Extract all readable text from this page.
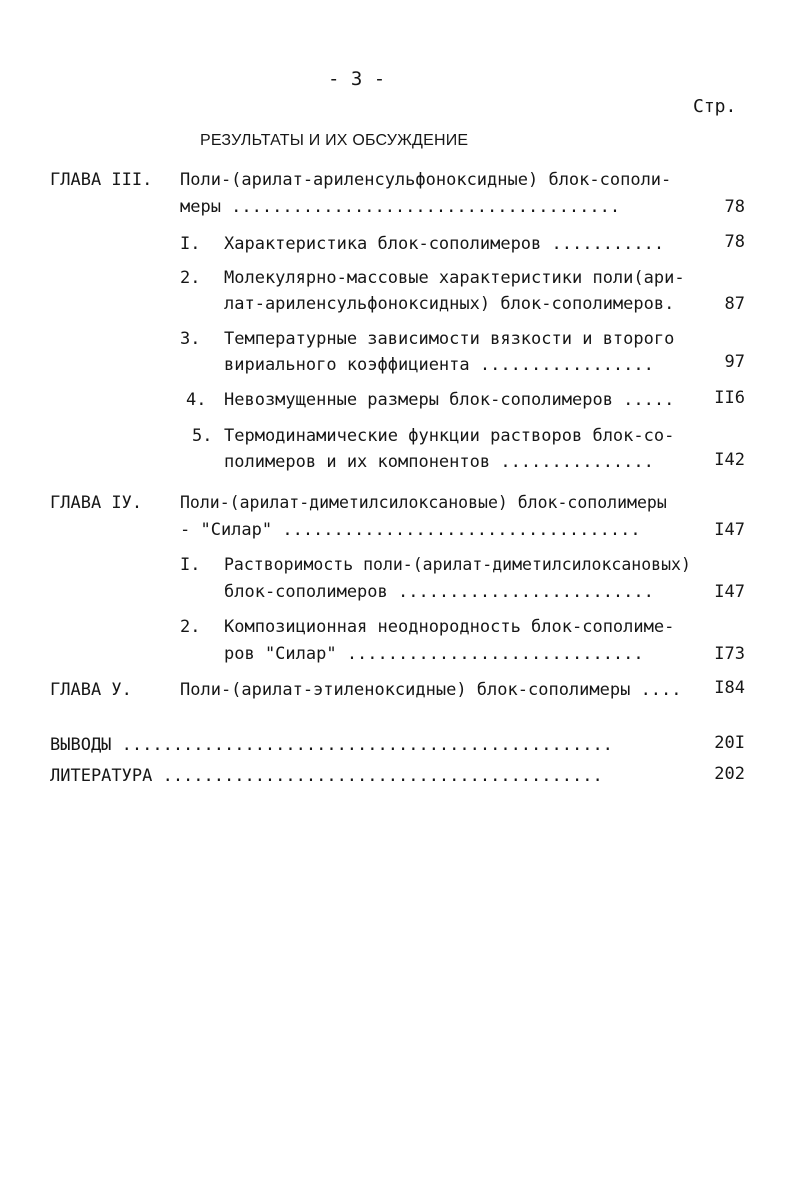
- 3 -
Стр.
РЕЗУЛЬТАТЫ И ИХ ОБСУЖДЕНИЕ
ГЛАВА III. Поли-(арилат-ариленсульфоноксидные) блок-сополи-
меры ......................................	78
I. Характеристика блок-сополимеров ...........	78
2. Молекулярно-массовые характеристики поли(ари-
лат-ариленсульфоноксидных) блок-сополимеров.	87
3. Температурные зависимости вязкости и второго
вириального коэффициента .................	97
4. Невозмущенные размеры блок-сополимеров ..... II6
5. Термодинамические функции растворов блок-со-
полимеров и их компонентов ...............	I42
ГЛАВА IУ. Поли-(арилат-диметилсилоксановые) блок-сополимеры
- "Силар" ...................................	I47
I. Растворимость поли-(арилат-диметилсилоксановых)
блок-сополимеров .........................	I47
2. Композиционная неоднородность блок-сополиме-
ров "Силар" .............................	I73
ГЛАВА У.	Поли-(арилат-этиленоксидные) блок-сополимеры .... I84
ВЫВОДЫ ................................................	20I
ЛИТЕРАТУРА ...........................................	202
